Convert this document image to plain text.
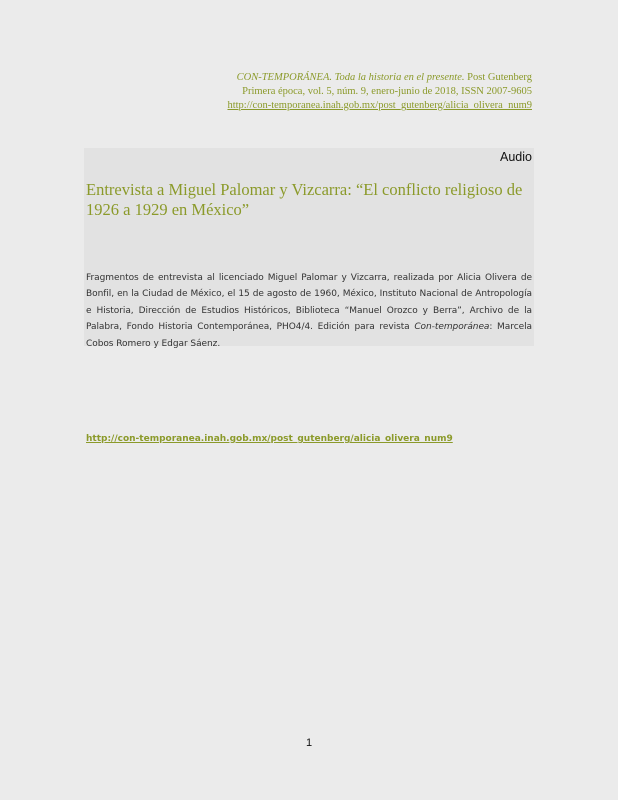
CON-TEMPORÁNEA. Toda la historia en el presente. Post Gutenberg
Primera época, vol. 5, núm. 9, enero-junio de 2018, ISSN 2007-9605
http://con-temporanea.inah.gob.mx/post_gutenberg/alicia_olivera_num9
Audio
Entrevista a Miguel Palomar y Vizcarra: “El conflicto religioso de 1926 a 1929 en México”
Fragmentos de entrevista al licenciado Miguel Palomar y Vizcarra, realizada por Alicia Olivera de Bonfil, en la Ciudad de México, el 15 de agosto de 1960, México, Instituto Nacional de Antropología e Historia, Dirección de Estudios Históricos, Biblioteca “Manuel Orozco y Berra”, Archivo de la Palabra, Fondo Historia Contemporánea, PHO4/4. Edición para revista Con-temporánea: Marcela Cobos Romero y Edgar Sáenz.
http://con-temporanea.inah.gob.mx/post_gutenberg/alicia_olivera_num9
1
